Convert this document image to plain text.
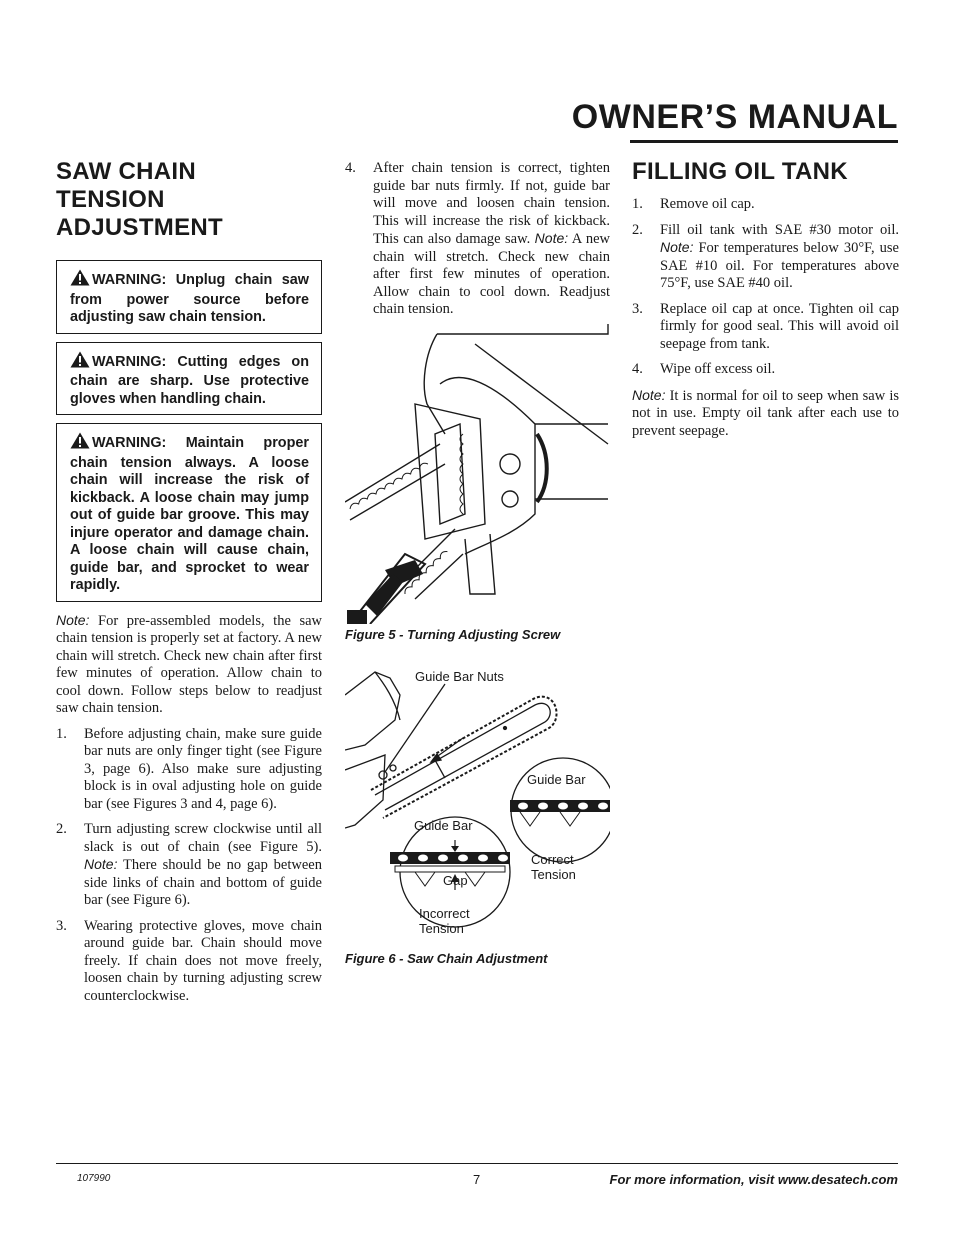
OWNER’S MANUAL
SAW CHAIN
TENSION
ADJUSTMENT
WARNING: Unplug chain saw from power source before adjusting saw chain tension.
WARNING: Cutting edges on chain are sharp. Use protective gloves when handling chain.
WARNING: Maintain proper chain tension always. A loose chain will increase the risk of kickback. A loose chain may jump out of guide bar groove. This may injure operator and damage chain. A loose chain will cause chain, guide bar, and sprocket to wear rapidly.

Note: For pre-assembled models, the saw chain tension is properly set at factory. A new chain will stretch. Check new chain after first few minutes of operation. Allow chain to cool down. Follow steps below to readjust saw chain tension.

1. Before adjusting chain, make sure guide bar nuts are only finger tight (see Figure 3, page 6). Also make sure adjusting block is in oval adjusting hole on guide bar (see Figures 3 and 4, page 6).
2. Turn adjusting screw clockwise until all slack is out of chain (see Figure 5). Note: There should be no gap between side links of chain and bottom of guide bar (see Figure 6).
3. Wearing protective gloves, move chain around guide bar. Chain should move freely. If chain does not move freely, loosen chain by turning adjusting screw counterclockwise.
4. After chain tension is correct, tighten guide bar nuts firmly. If not, guide bar will move and loosen chain tension. This will increase the risk of kickback. This can also damage saw. Note: A new chain will stretch. Check new chain after first few minutes of operation. Allow chain to cool down. Readjust chain tension.
Figure 5 - Turning Adjusting Screw
Guide Bar Nuts
Guide Bar
Guide Bar
Gap
Correct
Tension
Incorrect
Tension
Figure 6 - Saw Chain Adjustment
FILLING OIL TANK
1. Remove oil cap.
2. Fill oil tank with SAE #30 motor oil. Note: For temperatures below 30°F, use SAE #10 oil. For temperatures above 75°F, use SAE #40 oil.
3. Replace oil cap at once. Tighten oil cap firmly for good seal. This will avoid oil seepage from tank.
4. Wipe off excess oil.

Note: It is normal for oil to seep when saw is not in use. Empty oil tank after each use to prevent seepage.

107990	7	For more information, visit www.desatech.com
